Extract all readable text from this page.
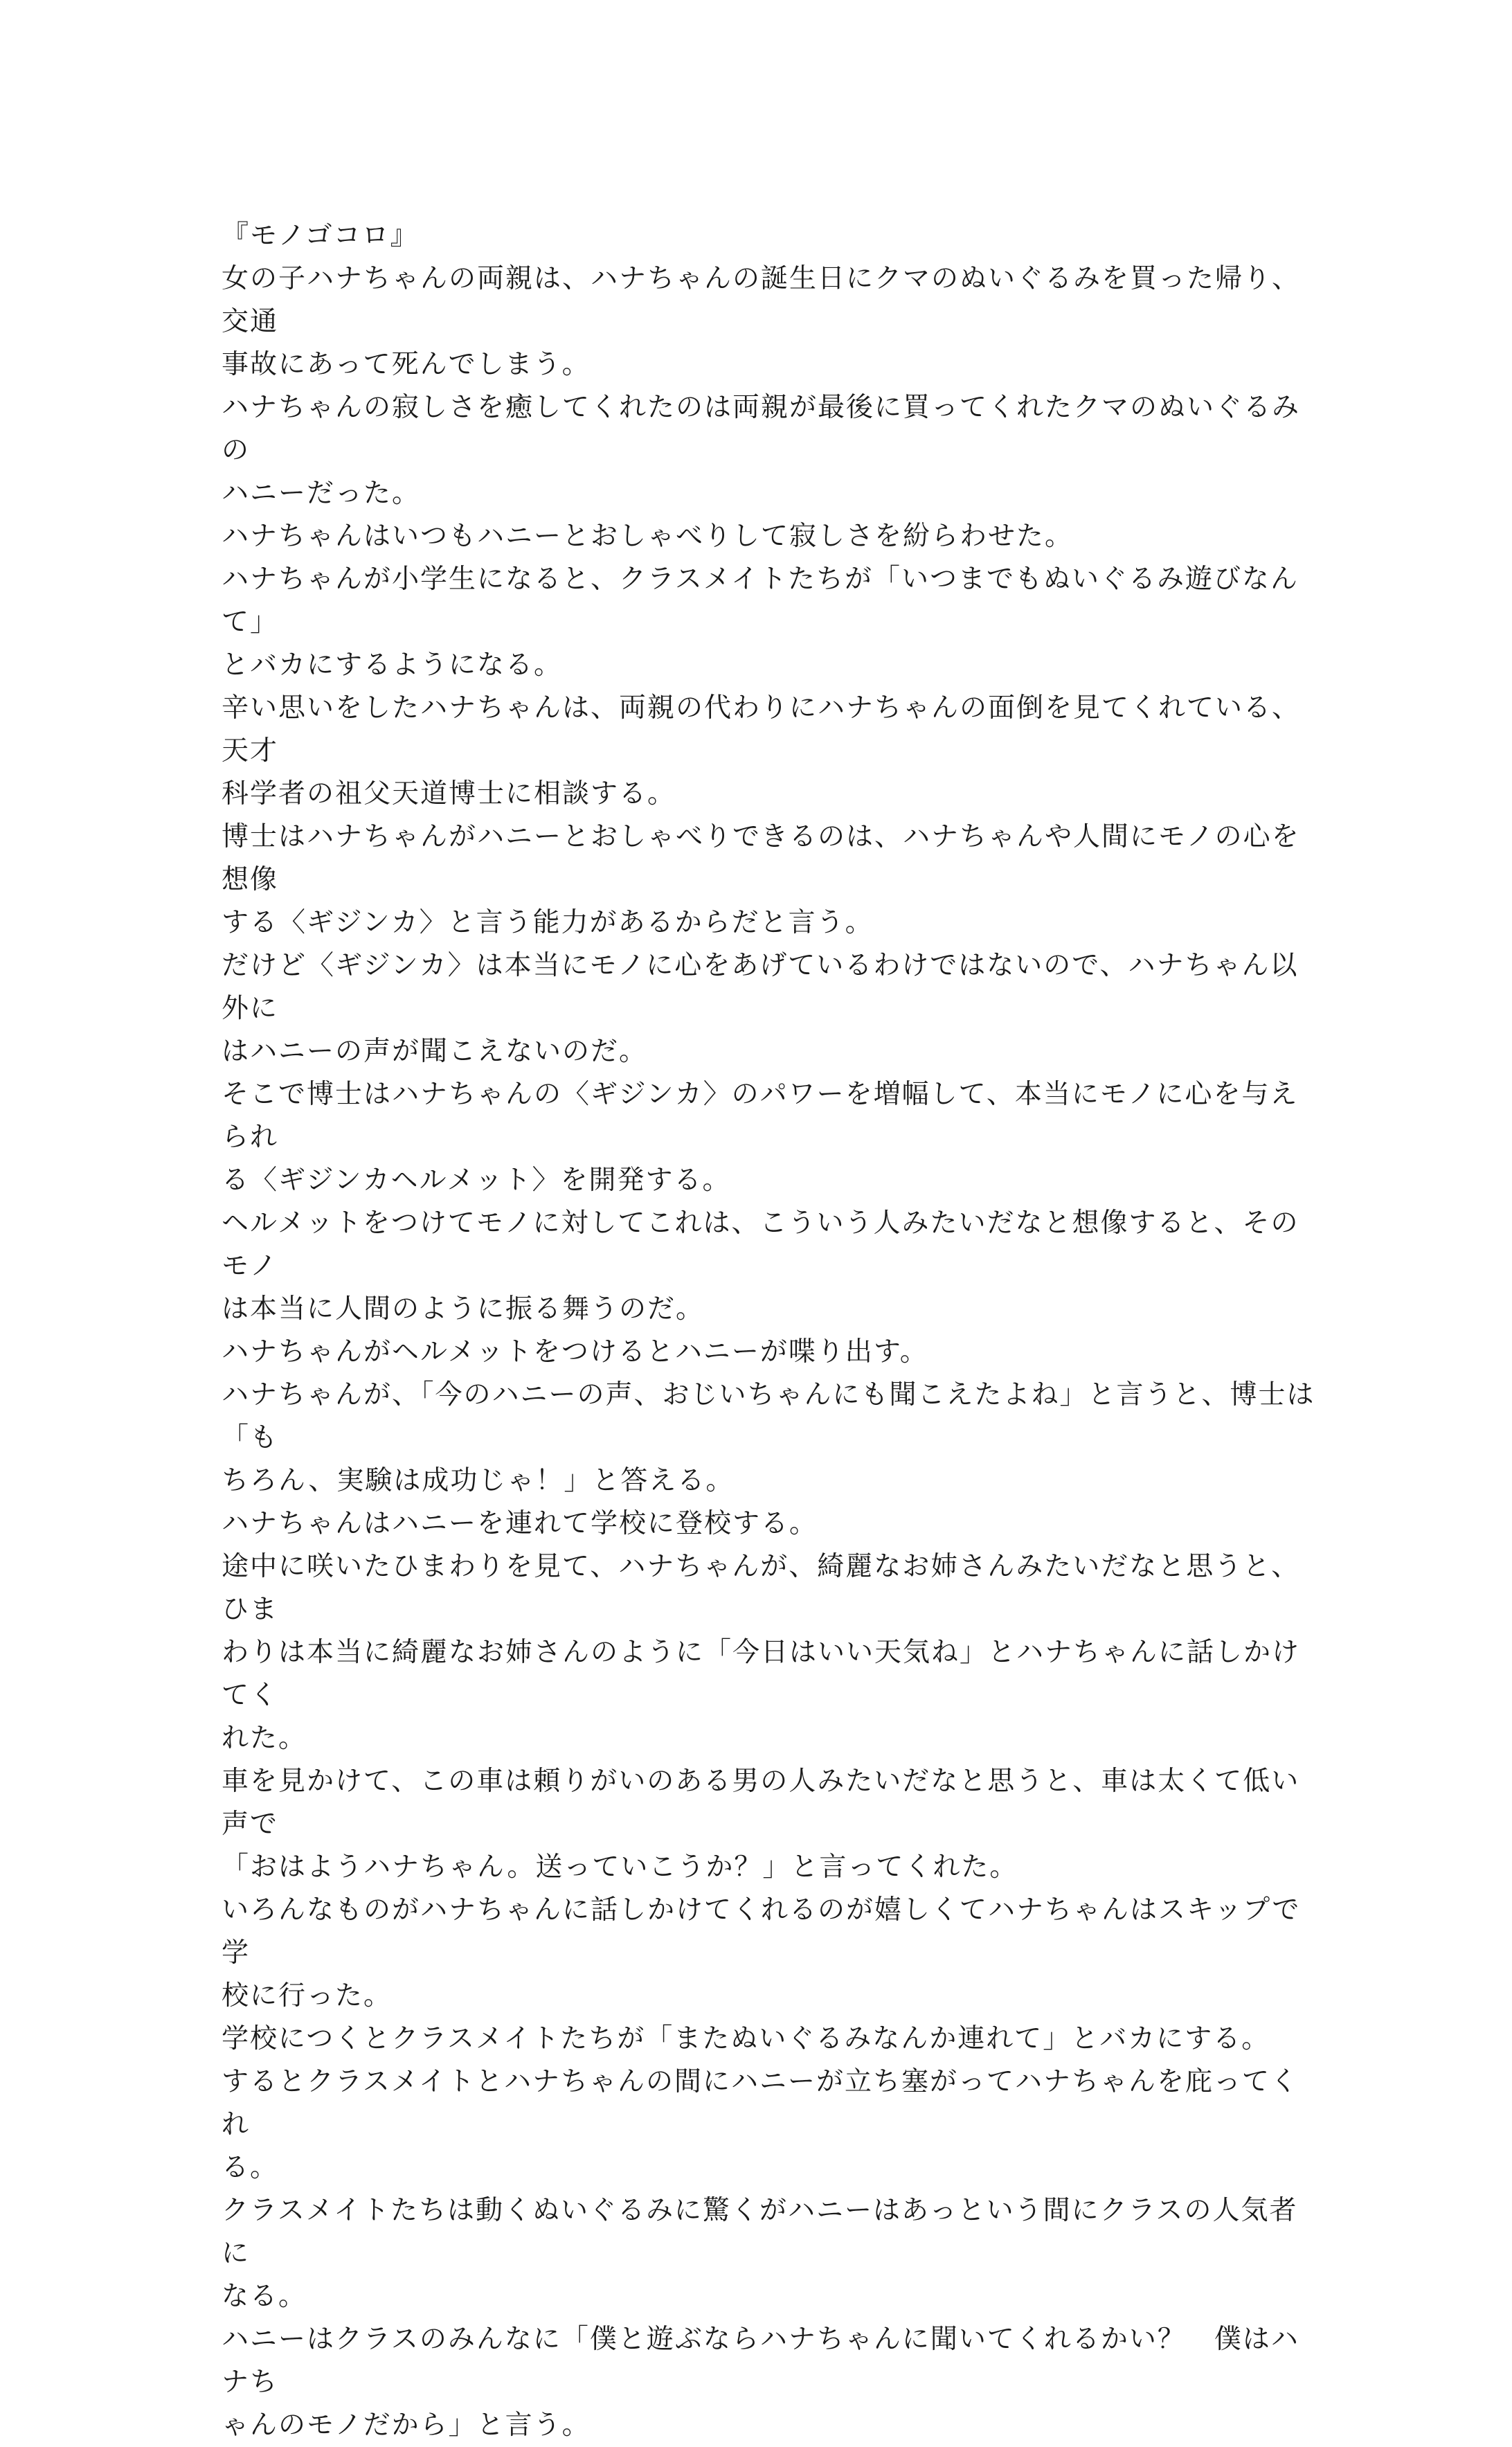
『モノゴコロ』

女の子ハナちゃんの両親は、ハナちゃんの誕生日にクマのぬいぐるみを買った帰り、交通
事故にあって死んでしまう。

ハナちゃんの寂しさを癒してくれたのは両親が最後に買ってくれたクマのぬいぐるみの
ハニーだった。

ハナちゃんはいつもハニーとおしゃべりして寂しさを紛らわせた。

ハナちゃんが小学生になると、クラスメイトたちが「いつまでもぬいぐるみ遊びなんて」
とバカにするようになる。

辛い思いをしたハナちゃんは、両親の代わりにハナちゃんの面倒を見てくれている、天才
科学者の祖父天道博士に相談する。

博士はハナちゃんがハニーとおしゃべりできるのは、ハナちゃんや人間にモノの心を想像
する〈ギジンカ〉と言う能力があるからだと言う。

だけど〈ギジンカ〉は本当にモノに心をあげているわけではないので、ハナちゃん以外に
はハニーの声が聞こえないのだ。

そこで博士はハナちゃんの〈ギジンカ〉のパワーを増幅して、本当にモノに心を与えられ
る〈ギジンカヘルメット〉を開発する。

ヘルメットをつけてモノに対してこれは、こういう人みたいだなと想像すると、そのモノ
は本当に人間のように振る舞うのだ。

ハナちゃんがヘルメットをつけるとハニーが喋り出す。

ハナちゃんが、「今のハニーの声、おじいちゃんにも聞こえたよね」と言うと、博士は「も
ちろん、実験は成功じゃ！」と答える。

ハナちゃんはハニーを連れて学校に登校する。

途中に咲いたひまわりを見て、ハナちゃんが、綺麗なお姉さんみたいだなと思うと、ひま
わりは本当に綺麗なお姉さんのように「今日はいい天気ね」とハナちゃんに話しかけてく
れた。

車を見かけて、この車は頼りがいのある男の人みたいだなと思うと、車は太くて低い声で
「おはようハナちゃん。送っていこうか？」と言ってくれた。

いろんなものがハナちゃんに話しかけてくれるのが嬉しくてハナちゃんはスキップで学
校に行った。

学校につくとクラスメイトたちが「またぬいぐるみなんか連れて」とバカにする。

するとクラスメイトとハナちゃんの間にハニーが立ち塞がってハナちゃんを庇ってくれ
る。

クラスメイトたちは動くぬいぐるみに驚くがハニーはあっという間にクラスの人気者に
なる。

ハニーはクラスのみんなに「僕と遊ぶならハナちゃんに聞いてくれるかい？　僕はハナち
ゃんのモノだから」と言う。
